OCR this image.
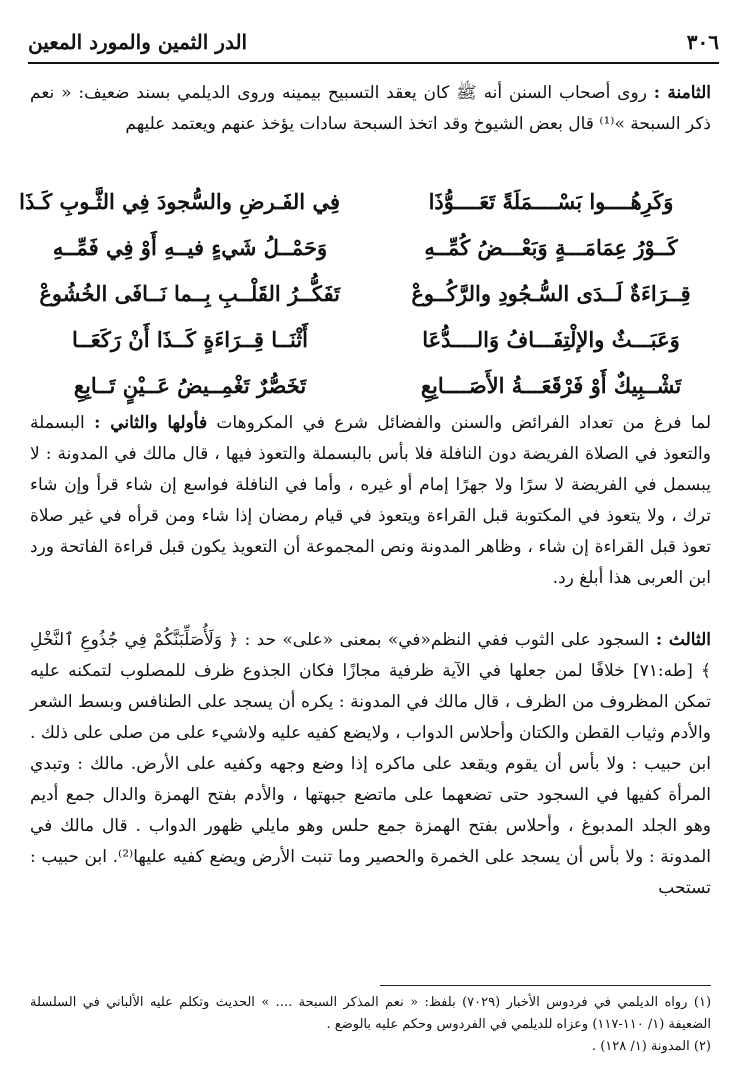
٣٠٦
الدر الثمين والمورد المعين

الثامنة : روى أصحاب السنن أنه ﷺ كان يعقد التسبيح بيمينه وروى الديلمي بسند ضعيف: « نعم ذكر السبحة »⁽¹⁾ قال بعض الشيوخ وقد اتخذ السبحة سادات يؤخذ عنهم ويعتمد عليهم

وَكَرِهُــــوا بَسْــــمَلَةً تَعَــــوُّذَا
فِي الفَـرضِ والسُّجودَ فِي الثَّـوبِ كَـذَا
كَــوْرُ عِمَامَـــةٍ وَبَعْـــضُ كُمِّــهِ
وَحَمْــلُ شَيءٍ فيــهِ أَوْ فِي فَمِّــهِ
قِــرَاءَةٌ لَــدَى السُّـجُودِ والرَّكُــوعْ
تَفَكُّــرُ القَلْــبِ بِــما نَــافَى الخُشُوعْ
وَعَبَـــثٌ والإلْتِفَـــافُ وَالــــدُّعَا
أَثْنَــا قِــرَاءَةٍ كَــذَا أَنْ رَكَعَــا
تَشْــبِيكٌ أَوْ فَرْقَعَـــةُ الأَصَــــابِعِ
تَخَصُّرٌ تَغْمِــيضُ عَــيْنٍ تَــابِعِ

لما فرغ من تعداد الفرائض والسنن والفضائل شرع في المكروهات فأولها والثاني : البسملة والتعوذ في الصلاة الفريضة دون النافلة فلا بأس بالبسملة والتعوذ فيها ، قال مالك في المدونة : لا يبسمل في الفريضة لا سرًا ولا جهرًا إمام أو غيره ، وأما في النافلة فواسع إن شاء قرأ وإن شاء ترك ، ولا يتعوذ في المكتوبة قبل القراءة ويتعوذ في قيام رمضان إذا شاء ومن قرأه في غير صلاة تعوذ قبل القراءة إن شاء ، وظاهر المدونة ونص المجموعة أن التعويذ يكون قبل قراءة الفاتحة ورد ابن العربى هذا أبلغ رد.

الثالث : السجود على الثوب ففي النظم«في» بمعنى «على» حد : ﴿ وَلَأُصَلِّبَنَّكُمْ فِي جُذُوعِ ٱلنَّخْلِ ﴾ [طه:٧١] خلافًا لمن جعلها في الآية ظرفية مجازًا فكان الجذوع ظرف للمصلوب لتمكنه عليه تمكن المظروف من الظرف ، قال مالك في المدونة : يكره أن يسجد على الطنافس وبسط الشعر والأدم وثياب القطن والكتان وأحلاس الدواب ، ولايضع كفيه عليه ولاشيء على من صلى على ذلك . ابن حبيب : ولا بأس أن يقوم ويقعد على ماكره إذا وضع وجهه وكفيه على الأرض. مالك : وتبدي المرأة كفيها في السجود حتى تضعهما على ماتضع جبهتها ، والأدم بفتح الهمزة والدال جمع أديم وهو الجلد المدبوغ ، وأحلاس بفتح الهمزة جمع حلس وهو مايلي ظهور الدواب . قال مالك في المدونة : ولا بأس أن يسجد على الخمرة والحصير وما تنبت الأرض ويضع كفيه عليها⁽²⁾. ابن حبيب : تستحب

(١) رواه الديلمي في فردوس الأخبار (٧٠٢٩) بلفظ: « نعم المذكر السبحة .... » الحديث وتكلم عليه الألباني في السلسلة الضعيفة (١/ ١١٠-١١٧) وعزاه للديلمي في الفردوس وحكم عليه بالوضع .

(٢) المدونة (١/ ١٢٨) .
